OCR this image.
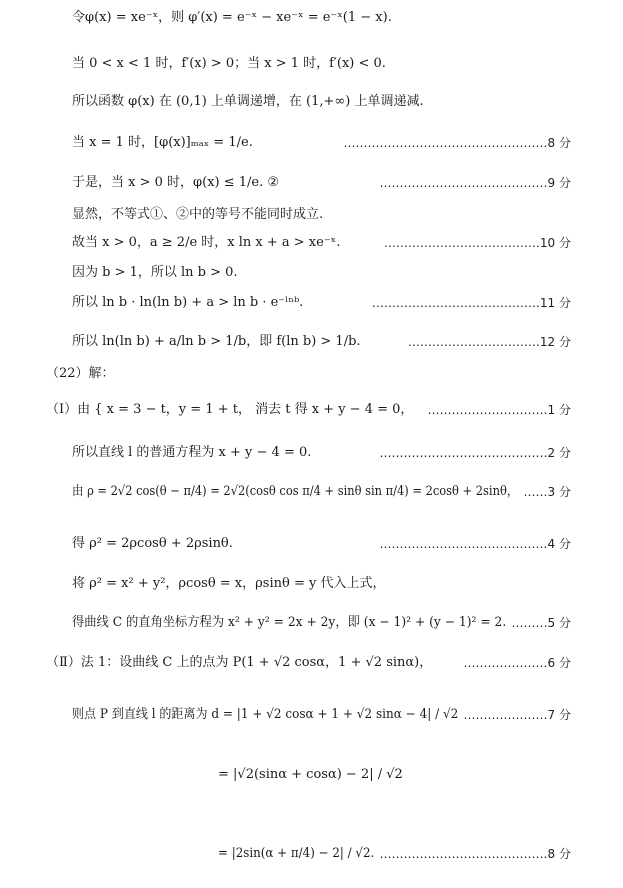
令φ(x) = xe⁻ˣ，则 φ′(x) = e⁻ˣ − xe⁻ˣ = e⁻ˣ(1 − x).
当 0 < x < 1 时，f′(x) > 0；当 x > 1 时，f′(x) < 0.
所以函数 φ(x) 在 (0,1) 上单调递增，在 (1,+∞) 上单调递减.
当 x = 1 时，[φ(x)]ₘₐₓ = 1/e.	……………………………………………8 分
于是，当 x > 0 时，φ(x) ≤ 1/e. ②	……………………………………9 分
显然，不等式①、②中的等号不能同时成立.
故当 x > 0，a ≥ 2/e 时，x ln x + a > xe⁻ˣ.	…………………………………10 分
因为 b > 1，所以 ln b > 0.
所以 ln b · ln(ln b) + a > ln b · e⁻ˡⁿᵇ.	……………………………………11 分
所以 ln(ln b) + a/ln b > 1/b，即 f(ln b) > 1/b.	……………………………12 分
（22）解：
（Ⅰ）由 { x = 3 − t，y = 1 + t， 消去 t 得 x + y − 4 = 0， …………………………1 分
所以直线 l 的普通方程为 x + y − 4 = 0.	……………………………………2 分
由 ρ = 2√2 cos(θ − π/4) = 2√2(cosθ cos π/4 + sinθ sin π/4) = 2cosθ + 2sinθ， ……3 分
得 ρ² = 2ρcosθ + 2ρsinθ.	……………………………………4 分
将 ρ² = x² + y²，ρcosθ = x，ρsinθ = y 代入上式，
得曲线 C 的直角坐标方程为 x² + y² = 2x + 2y，即 (x − 1)² + (y − 1)² = 2. ………5 分
（Ⅱ）法 1：设曲线 C 上的点为 P(1 + √2 cosα，1 + √2 sinα)，	…………………6 分
则点 P 到直线 l 的距离为 d = |1 + √2 cosα + 1 + √2 sinα − 4| / √2 …………………7 分
= |√2(sinα + cosα) − 2| / √2
= |2sin(α + π/4) − 2| / √2. ……………………………………8 分
